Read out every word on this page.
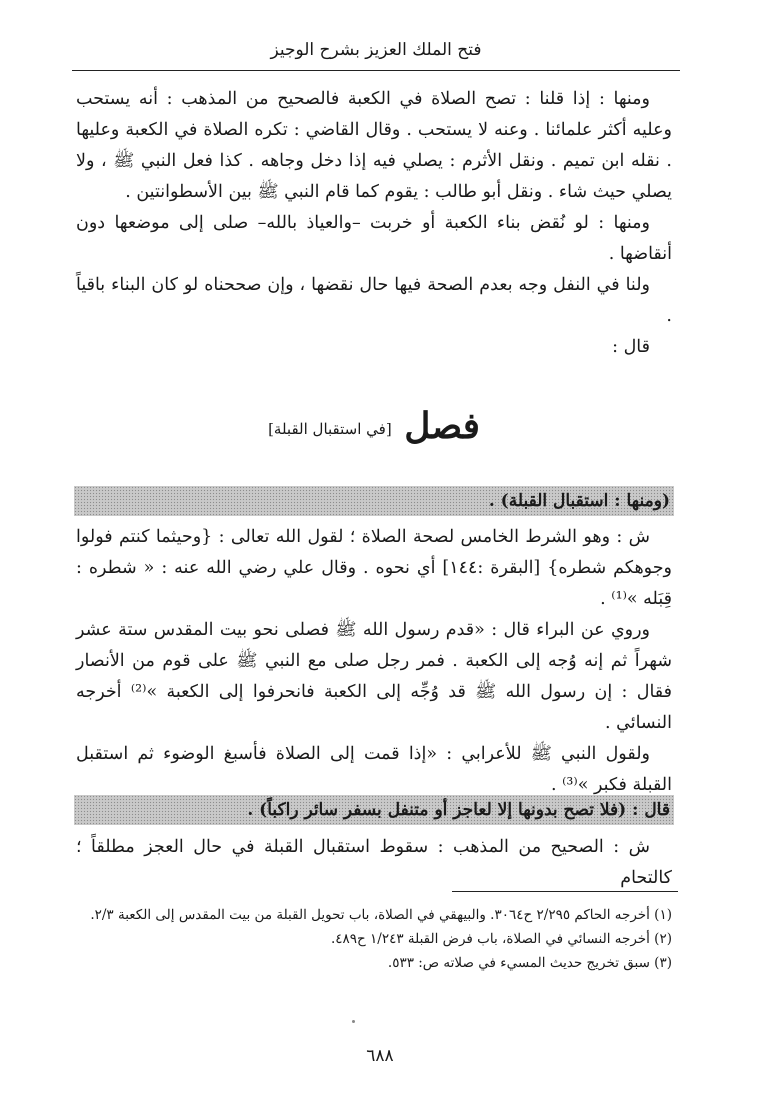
فتح الملك العزيز بشرح الوجيز

ومنها : إذا قلنا : تصح الصلاة في الكعبة فالصحيح من المذهب : أنه يستحب وعليه أكثر علمائنا . وعنه لا يستحب . وقال القاضي : تكره الصلاة في الكعبة وعليها . نقله ابن تميم . ونقل الأثرم : يصلي فيه إذا دخل وجاهه . كذا فعل النبي ﷺ ، ولا يصلي حيث شاء . ونقل أبو طالب : يقوم كما قام النبي ﷺ بين الأسطوانتين .

ومنها : لو نُقض بناء الكعبة أو خربت –والعياذ بالله– صلى إلى موضعها دون أنقاضها .

ولنا في النفل وجه بعدم الصحة فيها حال نقضها ، وإن صححناه لو كان البناء باقياً .

قال :

فصل [في استقبال القبلة]
(ومنها : استقبال القبلة) .

ش : وهو الشرط الخامس لصحة الصلاة ؛ لقول الله تعالى : {وحيثما كنتم فولوا وجوهكم شطره} [البقرة :١٤٤] أي نحوه . وقال علي رضي الله عنه : « شطره : قِبَله »⁽¹⁾ .

وروي عن البراء قال : «قدم رسول الله ﷺ فصلى نحو بيت المقدس ستة عشر شهراً ثم إنه وُجه إلى الكعبة . فمر رجل صلى مع النبي ﷺ على قوم من الأنصار فقال : إن رسول الله ﷺ قد وُجِّه إلى الكعبة فانحرفوا إلى الكعبة »⁽²⁾ أخرجه النسائي .

ولقول النبي ﷺ للأعرابي : «إذا قمت إلى الصلاة فأسبغ الوضوء ثم استقبل القبلة فكبر »⁽³⁾ .

قال : (فلا تصح بدونها إلا لعاجز أو متنفل بسفر سائر راكباً) .

ش : الصحيح من المذهب : سقوط استقبال القبلة في حال العجز مطلقاً ؛ كالتحام

(١) أخرجه الحاكم ٢/٢٩٥ ح٣٠٦٤. والبيهقي في الصلاة، باب تحويل القبلة من بيت المقدس إلى الكعبة ٢/٣.

(٢) أخرجه النسائي في الصلاة، باب فرض القبلة ١/٢٤٣ ح٤٨٩.

(٣) سبق تخريج حديث المسيء في صلاته ص: ٥٣٣.

٦٨٨
